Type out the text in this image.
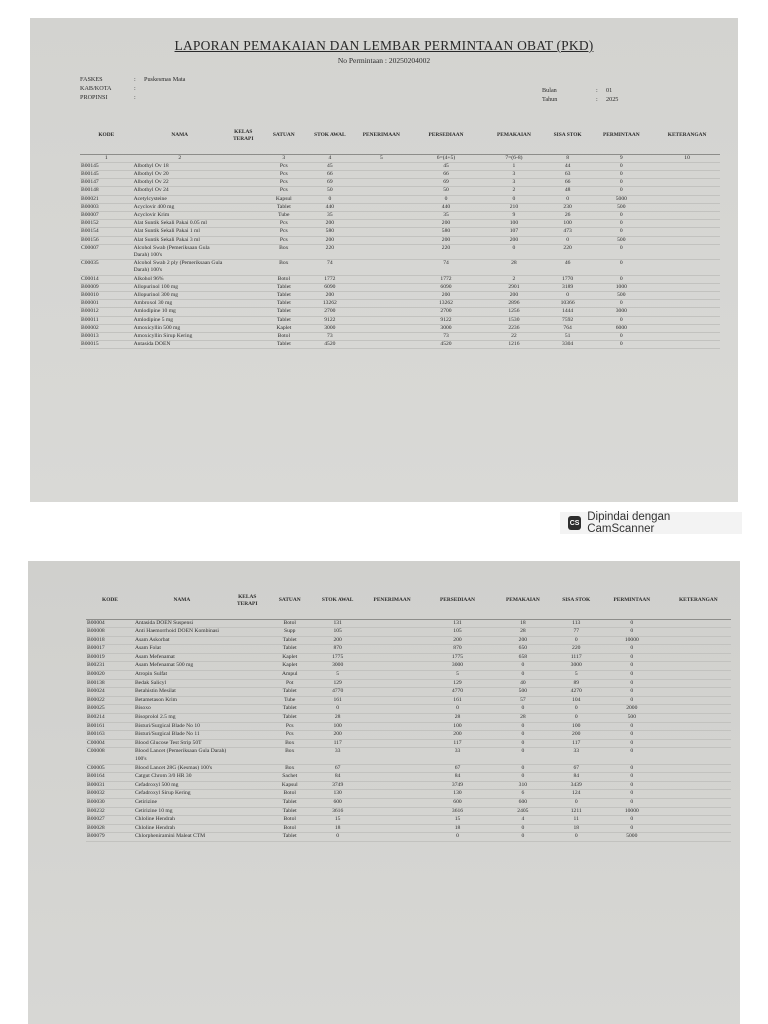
LAPORAN PEMAKAIAN DAN LEMBAR PERMINTAAN OBAT (PKD)
No Permintaan : 20250204002
FASKES	:	Puskesmas Mata
KAB/KOTA	:
PROPINSI	:
Bulan	:	01
Tahun	:	2025
KODE	NAMA	KELAS TERAPI	SATUAN	STOK AWAL	PENERIMAAN	PERSEDIAAN	PEMAKAIAN	SISA STOK	PERMINTAAN	KETERANGAN
1	2		3	4	5	6=(4+5)	7=(6-8)	8	9	10
B00145	Albothyl Ov 18		Pcs	45		45	1	44	0	
B00145	Albothyl Ov 20		Pcs	66		66	3	63	0	
B00147	Albothyl Ov 22		Pcs	69		69	3	66	0	
B00148	Albothyl Ov 24		Pcs	50		50	2	48	0	
B00021	Acetylcysteine		Kapsul	0		0	0	0	5000	
B00003	Acyclovir 400 mg		Tablet	440		440	210	230	500	
B00007	Acyclovir Krim		Tube	35		35	9	26	0	
B00152	Alat Suntik Sekali Pakai 0.05 ml		Pcs	200		200	100	100	0	
B00154	Alat Suntik Sekali Pakai 1 ml		Pcs	580		580	107	473	0	
B00156	Alat Suntik Sekali Pakai 3 ml		Pcs	200		200	200	0	500	
C00007	Alcohol Swab (Pemeriksaan Gula Darah) 100's		Box	220		220	0	220	0	
C00035	Alcohol Swab 2 ply (Pemeriksaan Gula Darah) 100's		Box	74		74	28	46	0	
C00014	Alkohol 96%		Botol	1772		1772	2	1770	0	
B00009	Allopurinol 100 mg		Tablet	6090		6090	2901	3189	1000	
B00010	Allopurinol 300 mg		Tablet	200		200	200	0	500	
B00001	Ambroxol 30 mg		Tablet	13262		13262	2896	10366	0	
B00012	Amlodipine 10 mg		Tablet	2700		2700	1256	1444	3000	
B00011	Amlodipine 5 mg		Tablet	9122		9122	1530	7592	0	
B00002	Amoxicyllin 500 mg		Kaplet	3000		3000	2236	764	6000	
B00013	Amoxicyllin Sirup Kering		Botol	73		73	22	51	0	
B00015	Antasida DOEN		Tablet	4520		4520	1216	3304	0	
CS Dipindai dengan CamScanner
KODE	NAMA	KELAS TERAPI	SATUAN	STOK AWAL	PENERIMAAN	PERSEDIAAN	PEMAKAIAN	SISA STOK	PERMINTAAN	KETERANGAN
B00004	Antasida DOEN Suspensi		Botol	131		131	18	113	0	
B00008	Anti Haemorrhoid DOEN Kombinasi		Supp	105		105	28	77	0	
B00018	Asam Askorbat		Tablet	200		200	200	0	10000	
B00017	Asam Folat		Tablet	870		870	650	220	0	
B00019	Asam Mefenamat		Kaplet	1775		1775	658	1117	0	
B00231	Asam Mefenamat 500 mg		Kaplet	3000		3000	0	3000	0	
B00020	Atropin Sulfat		Ampul	5		5	0	5	0	
B00138	Bedak Salicyl		Pot	129		129	40	89	0	
B00024	Betahistin Mesilat		Tablet	4770		4770	500	4270	0	
B00022	Betametason Krim		Tube	161		161	57	104	0	
B00025	Bisoxo		Tablet	0		0	0	0	2000	
B00214	Bisoprolol 2.5 mg		Tablet	28		28	28	0	500	
B00161	Bisturi/Surgical Blade No 10		Pcs	100		100	0	100	0	
B00163	Bisturi/Surgical Blade No 11		Pcs	200		200	0	200	0	
C00004	Blood Glucose Test Strip 50T		Box	117		117	0	117	0	
C00008	Blood Lancet (Pemeriksaan Gula Darah) 100's		Box	33		33	0	33	0	
C00005	Blood Lancet 28G (Kesmas) 100's		Box	67		67	0	67	0	
B00164	Catgut Chrom 3/0 HR 30		Sachet	84		84	0	84	0	
B00031	Cefadroxyl 500 mg		Kapsul	3749		3749	310	3439	0	
B00032	Cefadroxyl Sirup Kering		Botol	130		130	6	124	0	
B00030	Cetirizine		Tablet	600		600	600	0	0	
B00232	Cetirizine 10 mg		Tablet	3616		3616	2405	1211	10000	
B00027	Chloline Hendrah		Botol	15		15	4	11	0	
B00028	Chloline Hendrah		Botol	18		18	0	18	0	
B00079	Chlorpheniramini Maleat CTM		Tablet	0		0	0	0	5000	
